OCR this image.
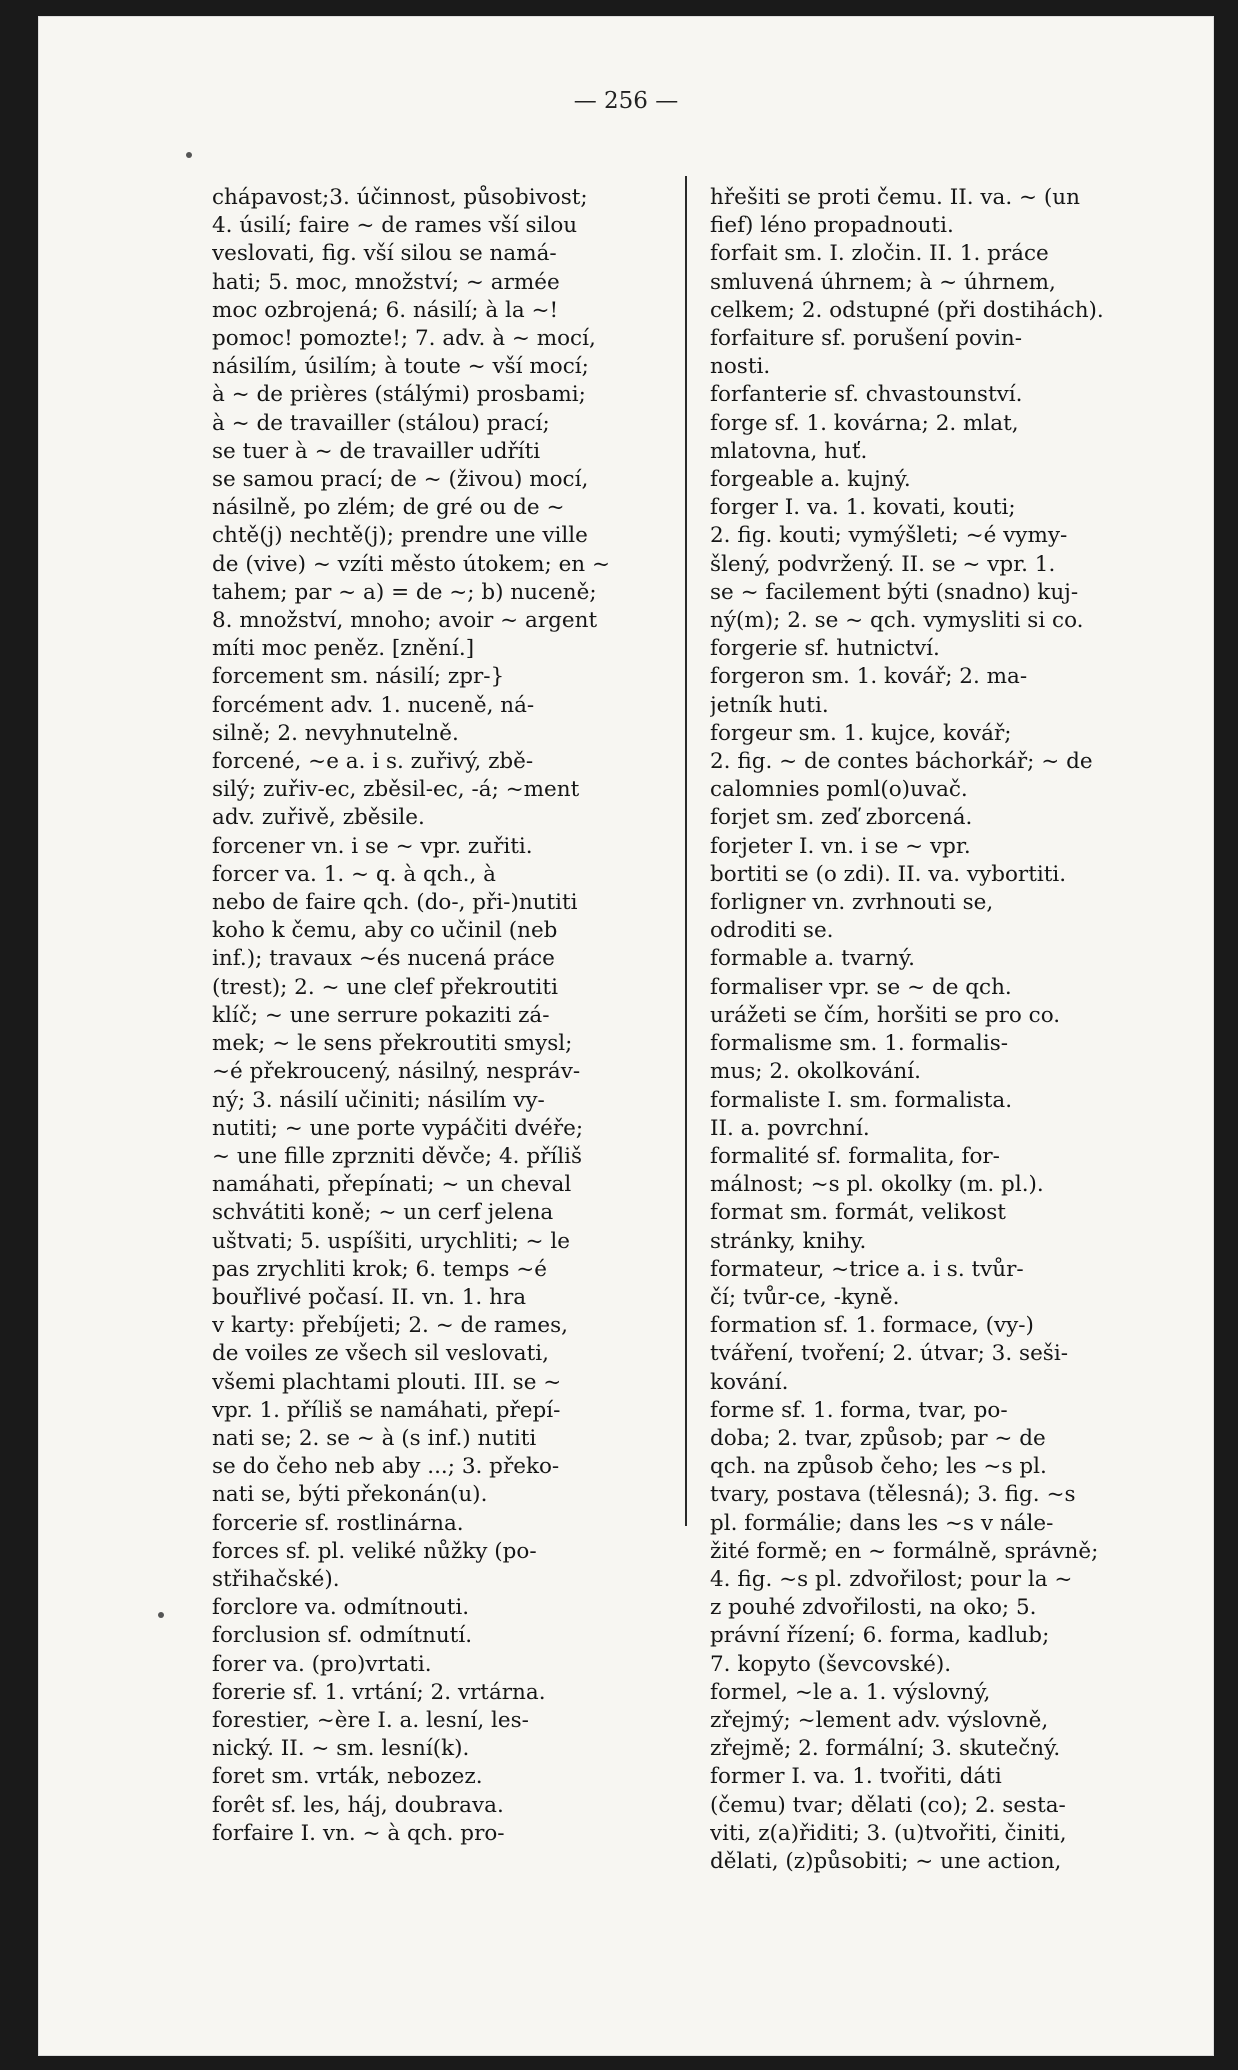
— 256 —
chápavost;3. účinnost, působivost;
4. úsilí; faire ~ de rames vší silou
veslovati, fig. vší silou se namá-
hati; 5. moc, množství; ~ armée
moc ozbrojená; 6. násilí; à la ~!
pomoc! pomozte!; 7. adv. à ~ mocí,
násilím, úsilím; à toute ~ vší mocí;
à ~ de prières (stálými) prosbami;
à ~ de travailler (stálou) prací;
se tuer à ~ de travailler udříti
se samou prací; de ~ (živou) mocí,
násilně, po zlém; de gré ou de ~
chtě(j) nechtě(j); prendre une ville
de (vive) ~ vzíti město útokem; en ~
tahem; par ~ a) = de ~; b) nuceně;
8. množství, mnoho; avoir ~ argent
míti moc peněz. [znění.]
forcement sm. násilí; zpr-}
forcément adv. 1. nuceně, ná-
silně; 2. nevyhnutelně.
forcené, ~e a. i s. zuřivý, zbě-
silý; zuřiv-ec, zběsil-ec, -á; ~ment
adv. zuřivě, zběsile.
forcener vn. i se ~ vpr. zuřiti.
forcer va. 1. ~ q. à qch., à
nebo de faire qch. (do-, při-)nutiti
koho k čemu, aby co učinil (neb
inf.); travaux ~és nucená práce
(trest); 2. ~ une clef překroutiti
klíč; ~ une serrure pokaziti zá-
mek; ~ le sens překroutiti smysl;
~é překroucený, násilný, nespráv-
ný; 3. násilí učiniti; násilím vy-
nutiti; ~ une porte vypáčiti dvéře;
~ une fille zprzniti děvče; 4. příliš
namáhati, přepínati; ~ un cheval
schvátiti koně; ~ un cerf jelena
uštvati; 5. uspíšiti, urychliti; ~ le
pas zrychliti krok; 6. temps ~é
bouřlivé počasí. II. vn. 1. hra
v karty: přebíjeti; 2. ~ de rames,
de voiles ze všech sil veslovati,
všemi plachtami plouti. III. se ~
vpr. 1. příliš se namáhati, přepí-
nati se; 2. se ~ à (s inf.) nutiti
se do čeho neb aby ...; 3. překo-
nati se, býti překonán(u).
forcerie sf. rostlinárna.
forces sf. pl. veliké nůžky (po-
střihačské).
forclore va. odmítnouti.
forclusion sf. odmítnutí.
forer va. (pro)vrtati.
forerie sf. 1. vrtání; 2. vrtárna.
forestier, ~ère I. a. lesní, les-
nický. II. ~ sm. lesní(k).
foret sm. vrták, nebozez.
forêt sf. les, háj, doubrava.
forfaire I. vn. ~ à qch. pro-
hřešiti se proti čemu. II. va. ~ (un
fief) léno propadnouti.
forfait sm. I. zločin. II. 1. práce
smluvená úhrnem; à ~ úhrnem,
celkem; 2. odstupné (při dostihách).
forfaiture sf. porušení povin-
nosti.
forfanterie sf. chvastounství.
forge sf. 1. kovárna; 2. mlat,
mlatovna, huť.
forgeable a. kujný.
forger I. va. 1. kovati, kouti;
2. fig. kouti; vymýšleti; ~é vymy-
šlený, podvržený. II. se ~ vpr. 1.
se ~ facilement býti (snadno) kuj-
ný(m); 2. se ~ qch. vymysliti si co.
forgerie sf. hutnictví.
forgeron sm. 1. kovář; 2. ma-
jetník huti.
forgeur sm. 1. kujce, kovář;
2. fig. ~ de contes báchorkář; ~ de
calomnies poml(o)uvač.
forjet sm. zeď zborcená.
forjeter I. vn. i se ~ vpr.
bortiti se (o zdi). II. va. vybortiti.
forligner vn. zvrhnouti se,
odroditi se.
formable a. tvarný.
formaliser vpr. se ~ de qch.
urážeti se čím, horšiti se pro co.
formalisme sm. 1. formalis-
mus; 2. okolkování.
formaliste I. sm. formalista.
II. a. povrchní.
formalité sf. formalita, for-
málnost; ~s pl. okolky (m. pl.).
format sm. formát, velikost
stránky, knihy.
formateur, ~trice a. i s. tvůr-
čí; tvůr-ce, -kyně.
formation sf. 1. formace, (vy-)
tváření, tvoření; 2. útvar; 3. seši-
kování.
forme sf. 1. forma, tvar, po-
doba; 2. tvar, způsob; par ~ de
qch. na způsob čeho; les ~s pl.
tvary, postava (tělesná); 3. fig. ~s
pl. formálie; dans les ~s v nále-
žité formě; en ~ formálně, správně;
4. fig. ~s pl. zdvořilost; pour la ~
z pouhé zdvořilosti, na oko; 5.
právní řízení; 6. forma, kadlub;
7. kopyto (ševcovské).
formel, ~le a. 1. výslovný,
zřejmý; ~lement adv. výslovně,
zřejmě; 2. formální; 3. skutečný.
former I. va. 1. tvořiti, dáti
(čemu) tvar; dělati (co); 2. sesta-
viti, z(a)řiditi; 3. (u)tvořiti, činiti,
dělati, (z)působiti; ~ une action,
